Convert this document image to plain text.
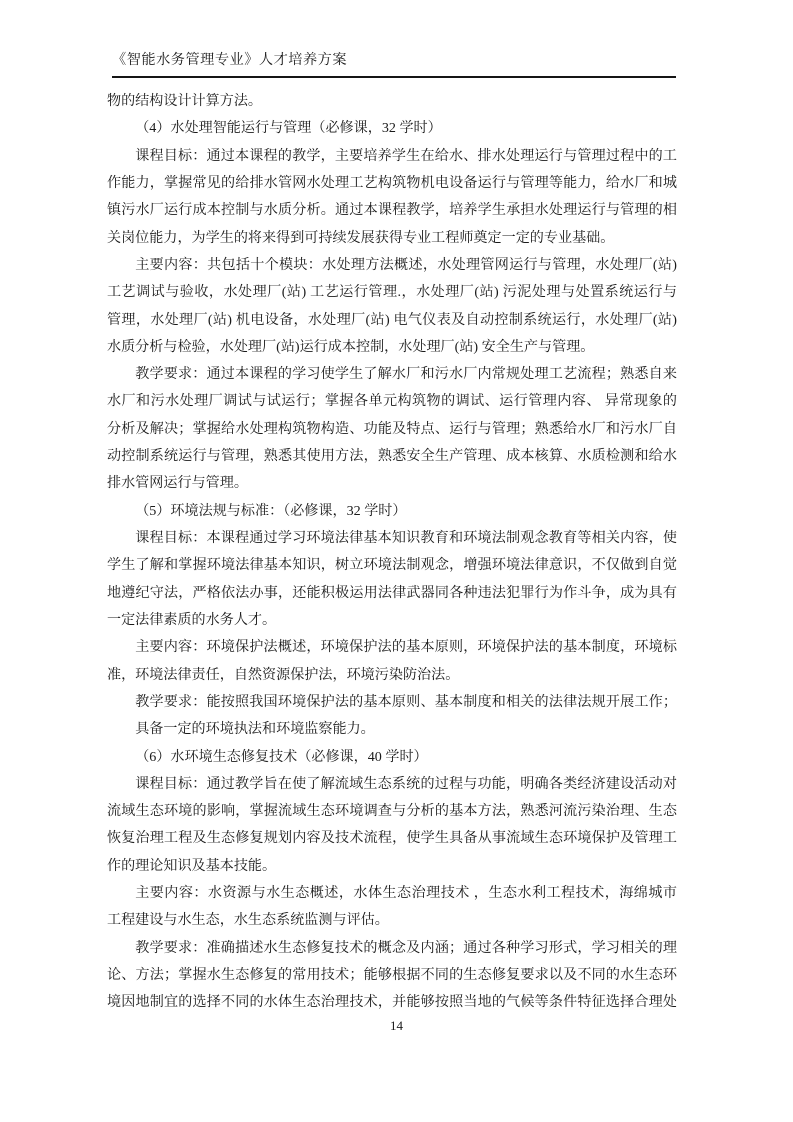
《智能水务管理专业》人才培养方案
物的结构设计计算方法。
（4）水处理智能运行与管理（必修课，32 学时）
课程目标：通过本课程的教学，主要培养学生在给水、排水处理运行与管理过程中的工
作能力，掌握常见的给排水管网水处理工艺构筑物机电设备运行与管理等能力，给水厂和城
镇污水厂运行成本控制与水质分析。通过本课程教学，培养学生承担水处理运行与管理的相
关岗位能力，为学生的将来得到可持续发展获得专业工程师奠定一定的专业基础。
主要内容：共包括十个模块：水处理方法概述，水处理管网运行与管理，水处理厂(站)
工艺调试与验收，水处理厂(站) 工艺运行管理.，水处理厂(站) 污泥处理与处置系统运行与
管理，水处理厂(站) 机电设备，水处理厂(站) 电气仪表及自动控制系统运行，水处理厂(站)
水质分析与检验，水处理厂(站)运行成本控制，水处理厂(站) 安全生产与管理。
教学要求：通过本课程的学习使学生了解水厂和污水厂内常规处理工艺流程；熟悉自来
水厂和污水处理厂调试与试运行；掌握各单元构筑物的调试、运行管理内容、 异常现象的
分析及解决；掌握给水处理构筑物构造、功能及特点、运行与管理；熟悉给水厂和污水厂自
动控制系统运行与管理，熟悉其使用方法，熟悉安全生产管理、成本核算、水质检测和给水
排水管网运行与管理。
（5）环境法规与标准：（必修课，32 学时）
课程目标：本课程通过学习环境法律基本知识教育和环境法制观念教育等相关内容，使
学生了解和掌握环境法律基本知识，树立环境法制观念，增强环境法律意识，不仅做到自觉
地遵纪守法，严格依法办事，还能积极运用法律武器同各种违法犯罪行为作斗争，成为具有
一定法律素质的水务人才。
主要内容：环境保护法概述，环境保护法的基本原则，环境保护法的基本制度，环境标
准，环境法律责任，自然资源保护法，环境污染防治法。
教学要求：能按照我国环境保护法的基本原则、基本制度和相关的法律法规开展工作；
具备一定的环境执法和环境监察能力。
（6）水环境生态修复技术（必修课，40 学时）
课程目标：通过教学旨在使了解流域生态系统的过程与功能，明确各类经济建设活动对
流域生态环境的影响，掌握流域生态环境调查与分析的基本方法，熟悉河流污染治理、生态
恢复治理工程及生态修复规划内容及技术流程，使学生具备从事流域生态环境保护及管理工
作的理论知识及基本技能。
主要内容：水资源与水生态概述，水体生态治理技术 ，生态水利工程技术，海绵城市
工程建设与水生态，水生态系统监测与评估。
教学要求：准确描述水生态修复技术的概念及内涵；通过各种学习形式，学习相关的理
论、方法；掌握水生态修复的常用技术；能够根据不同的生态修复要求以及不同的水生态环
境因地制宜的选择不同的水体生态治理技术，并能够按照当地的气候等条件特征选择合理处
14
